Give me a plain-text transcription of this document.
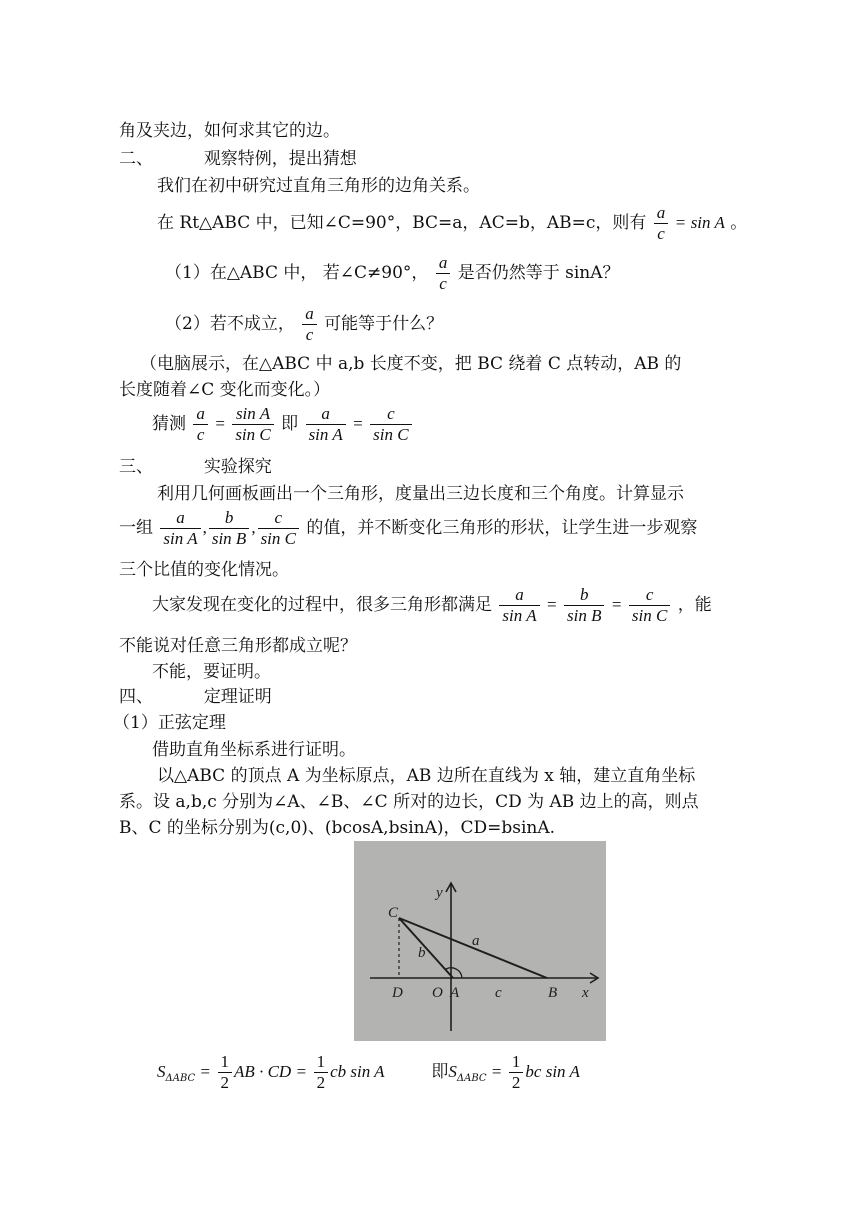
角及夹边，如何求其它的边。
二、	观察特例，提出猜想
我们在初中研究过直角三角形的边角关系。
在 Rt△ABC 中，已知∠C=90°，BC=a，AC=b，AB=c，则有 $\frac{a}{c} = \sin A$ 。
（1）在△ABC 中， 若∠C≠90°， $\frac{a}{c}$ 是否仍然等于 sinA？
（2）若不成立， $\frac{a}{c}$ 可能等于什么？
（电脑展示，在△ABC 中 a,b 长度不变，把 BC 绕着 C 点转动，AB 的
长度随着∠C 变化而变化。）
猜测 $\frac{a}{c} = \frac{\text{sin A}}{\text{sin C}}$ 即 $\frac{a}{\text{sin A}} = \frac{c}{\text{sin C}}$
三、	实验探究
利用几何画板画出一个三角形，度量出三边长度和三个角度。计算显示
一组 $\frac{a}{\text{sin A}}$ , $\frac{b}{\text{sin B}}$ , $\frac{c}{\text{sin C}}$ 的值，并不断变化三角形的形状，让学生进一步观察
三个比值的变化情况。
大家发现在变化的过程中，很多三角形都满足 $\frac{a}{\text{sin A}} = \frac{b}{\text{sin B}} = \frac{c}{\text{sin C}}$ ，能
不能说对任意三角形都成立呢？
不能，要证明。
四、	定理证明
（1）正弦定理
借助直角坐标系进行证明。
以△ABC 的顶点 A 为坐标原点，AB 边所在直线为 x 轴，建立直角坐标
系。设 a,b,c 分别为∠A、∠B、∠C 所对的边长，CD 为 AB 边上的高，则点
B、C 的坐标分别为(c,0)、(bcosA,bsinA)，CD=bsinA.
C
y
a
b
D O A c	B x
$S_{\Delta ABC} = \frac{1}{2}$ AB · CD = $\frac{1}{2}$ cb sin A	即$S_{\Delta ABC} = \frac{1}{2}$ bc sin A
